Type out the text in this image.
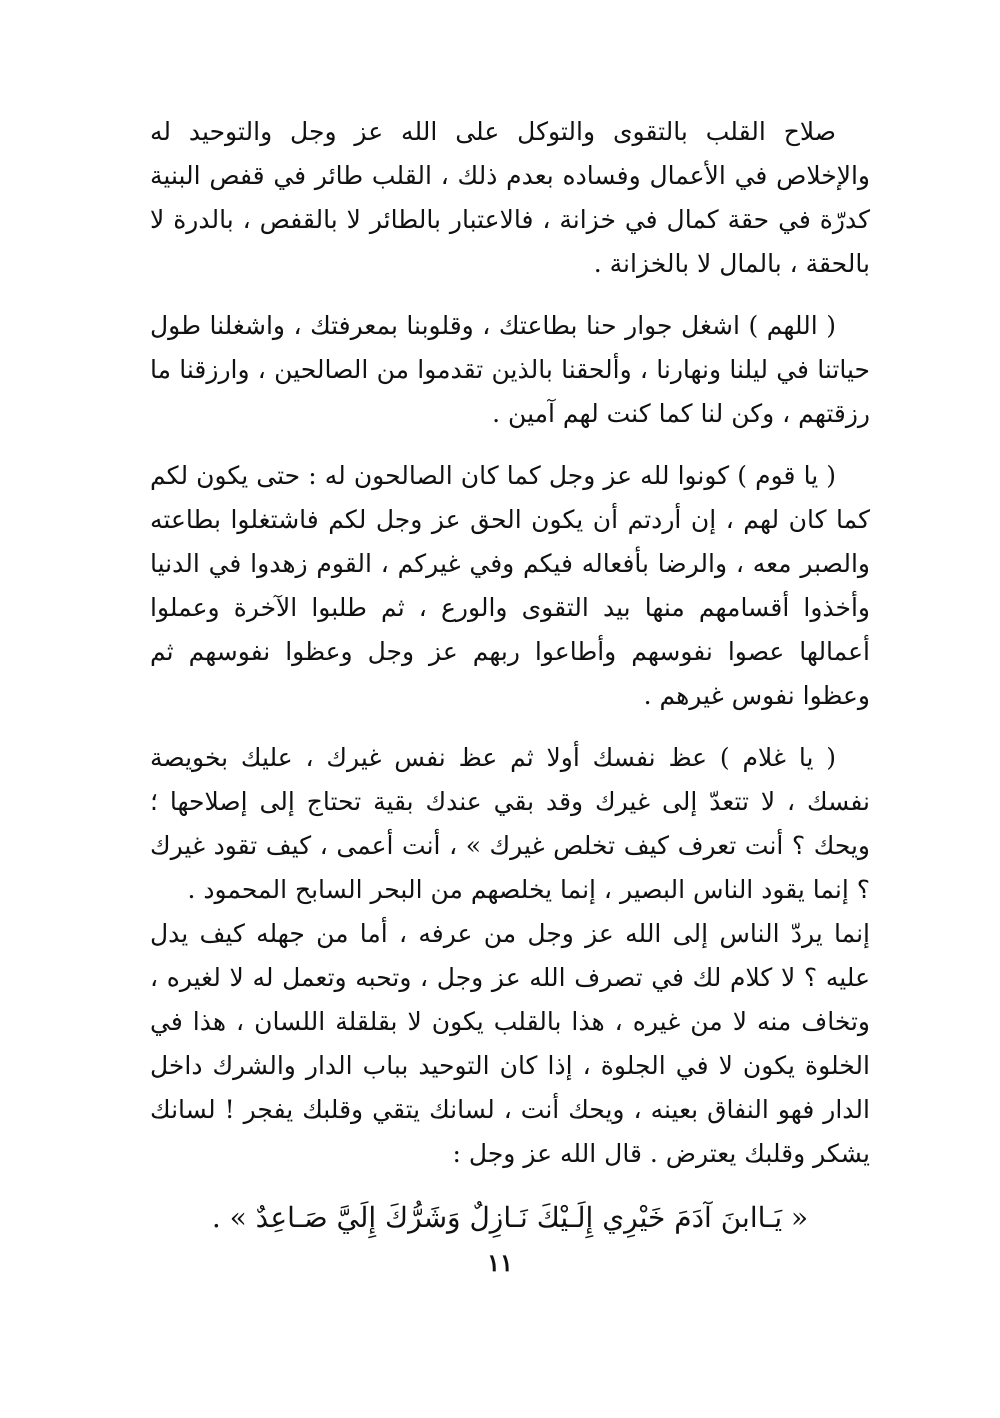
صلاح القلب بالتقوى والتوكل على الله عز وجل والتوحيد له والإخلاص في الأعمال وفساده بعدم ذلك ، القلب طائر في قفص البنية كدرّة في حقة كمال في خزانة ، فالاعتبار بالطائر لا بالقفص ، بالدرة لا بالحقة ، بالمال لا بالخزانة .

( اللهم ) اشغل جوار حنا بطاعتك ، وقلوبنا بمعرفتك ، واشغلنا طول حياتنا في ليلنا ونهارنا ، وألحقنا بالذين تقدموا من الصالحين ، وارزقنا ما رزقتهم ، وكن لنا كما كنت لهم آمين .

( يا قوم ) كونوا لله عز وجل كما كان الصالحون له : حتى يكون لكم كما كان لهم ، إن أردتم أن يكون الحق عز وجل لكم فاشتغلوا بطاعته والصبر معه ، والرضا بأفعاله فيكم وفي غيركم ، القوم زهدوا في الدنيا وأخذوا أقسامهم منها بيد التقوى والورع ، ثم طلبوا الآخرة وعملوا أعمالها عصوا نفوسهم وأطاعوا ربهم عز وجل وعظوا نفوسهم ثم وعظوا نفوس غيرهم .

( يا غلام ) عظ نفسك أولا ثم عظ نفس غيرك ، عليك بخويصة نفسك ، لا تتعدّ إلى غيرك وقد بقي عندك بقية تحتاج إلى إصلاحها ؛ ويحك ؟ أنت تعرف كيف تخلص غيرك » ، أنت أعمى ، كيف تقود غيرك ؟ إنما يقود الناس البصير ، إنما يخلصهم من البحر السابح المحمود .

إنما يردّ الناس إلى الله عز وجل من عرفه ، أما من جهله كيف يدل عليه ؟ لا كلام لك في تصرف الله عز وجل ، وتحبه وتعمل له لا لغيره ، وتخاف منه لا من غيره ، هذا بالقلب يكون لا بقلقلة اللسان ، هذا في الخلوة يكون لا في الجلوة ، إذا كان التوحيد بباب الدار والشرك داخل الدار فهو النفاق بعينه ، ويحك أنت ، لسانك يتقي وقلبك يفجر ! لسانك يشكر وقلبك يعترض . قال الله عز وجل :

« يَـاابنَ آدَمَ خَيْرِي إِلَـيْكَ نَـازِلٌ وَشَرُّكَ إِلَيَّ صَـاعِدٌ » .

١١
